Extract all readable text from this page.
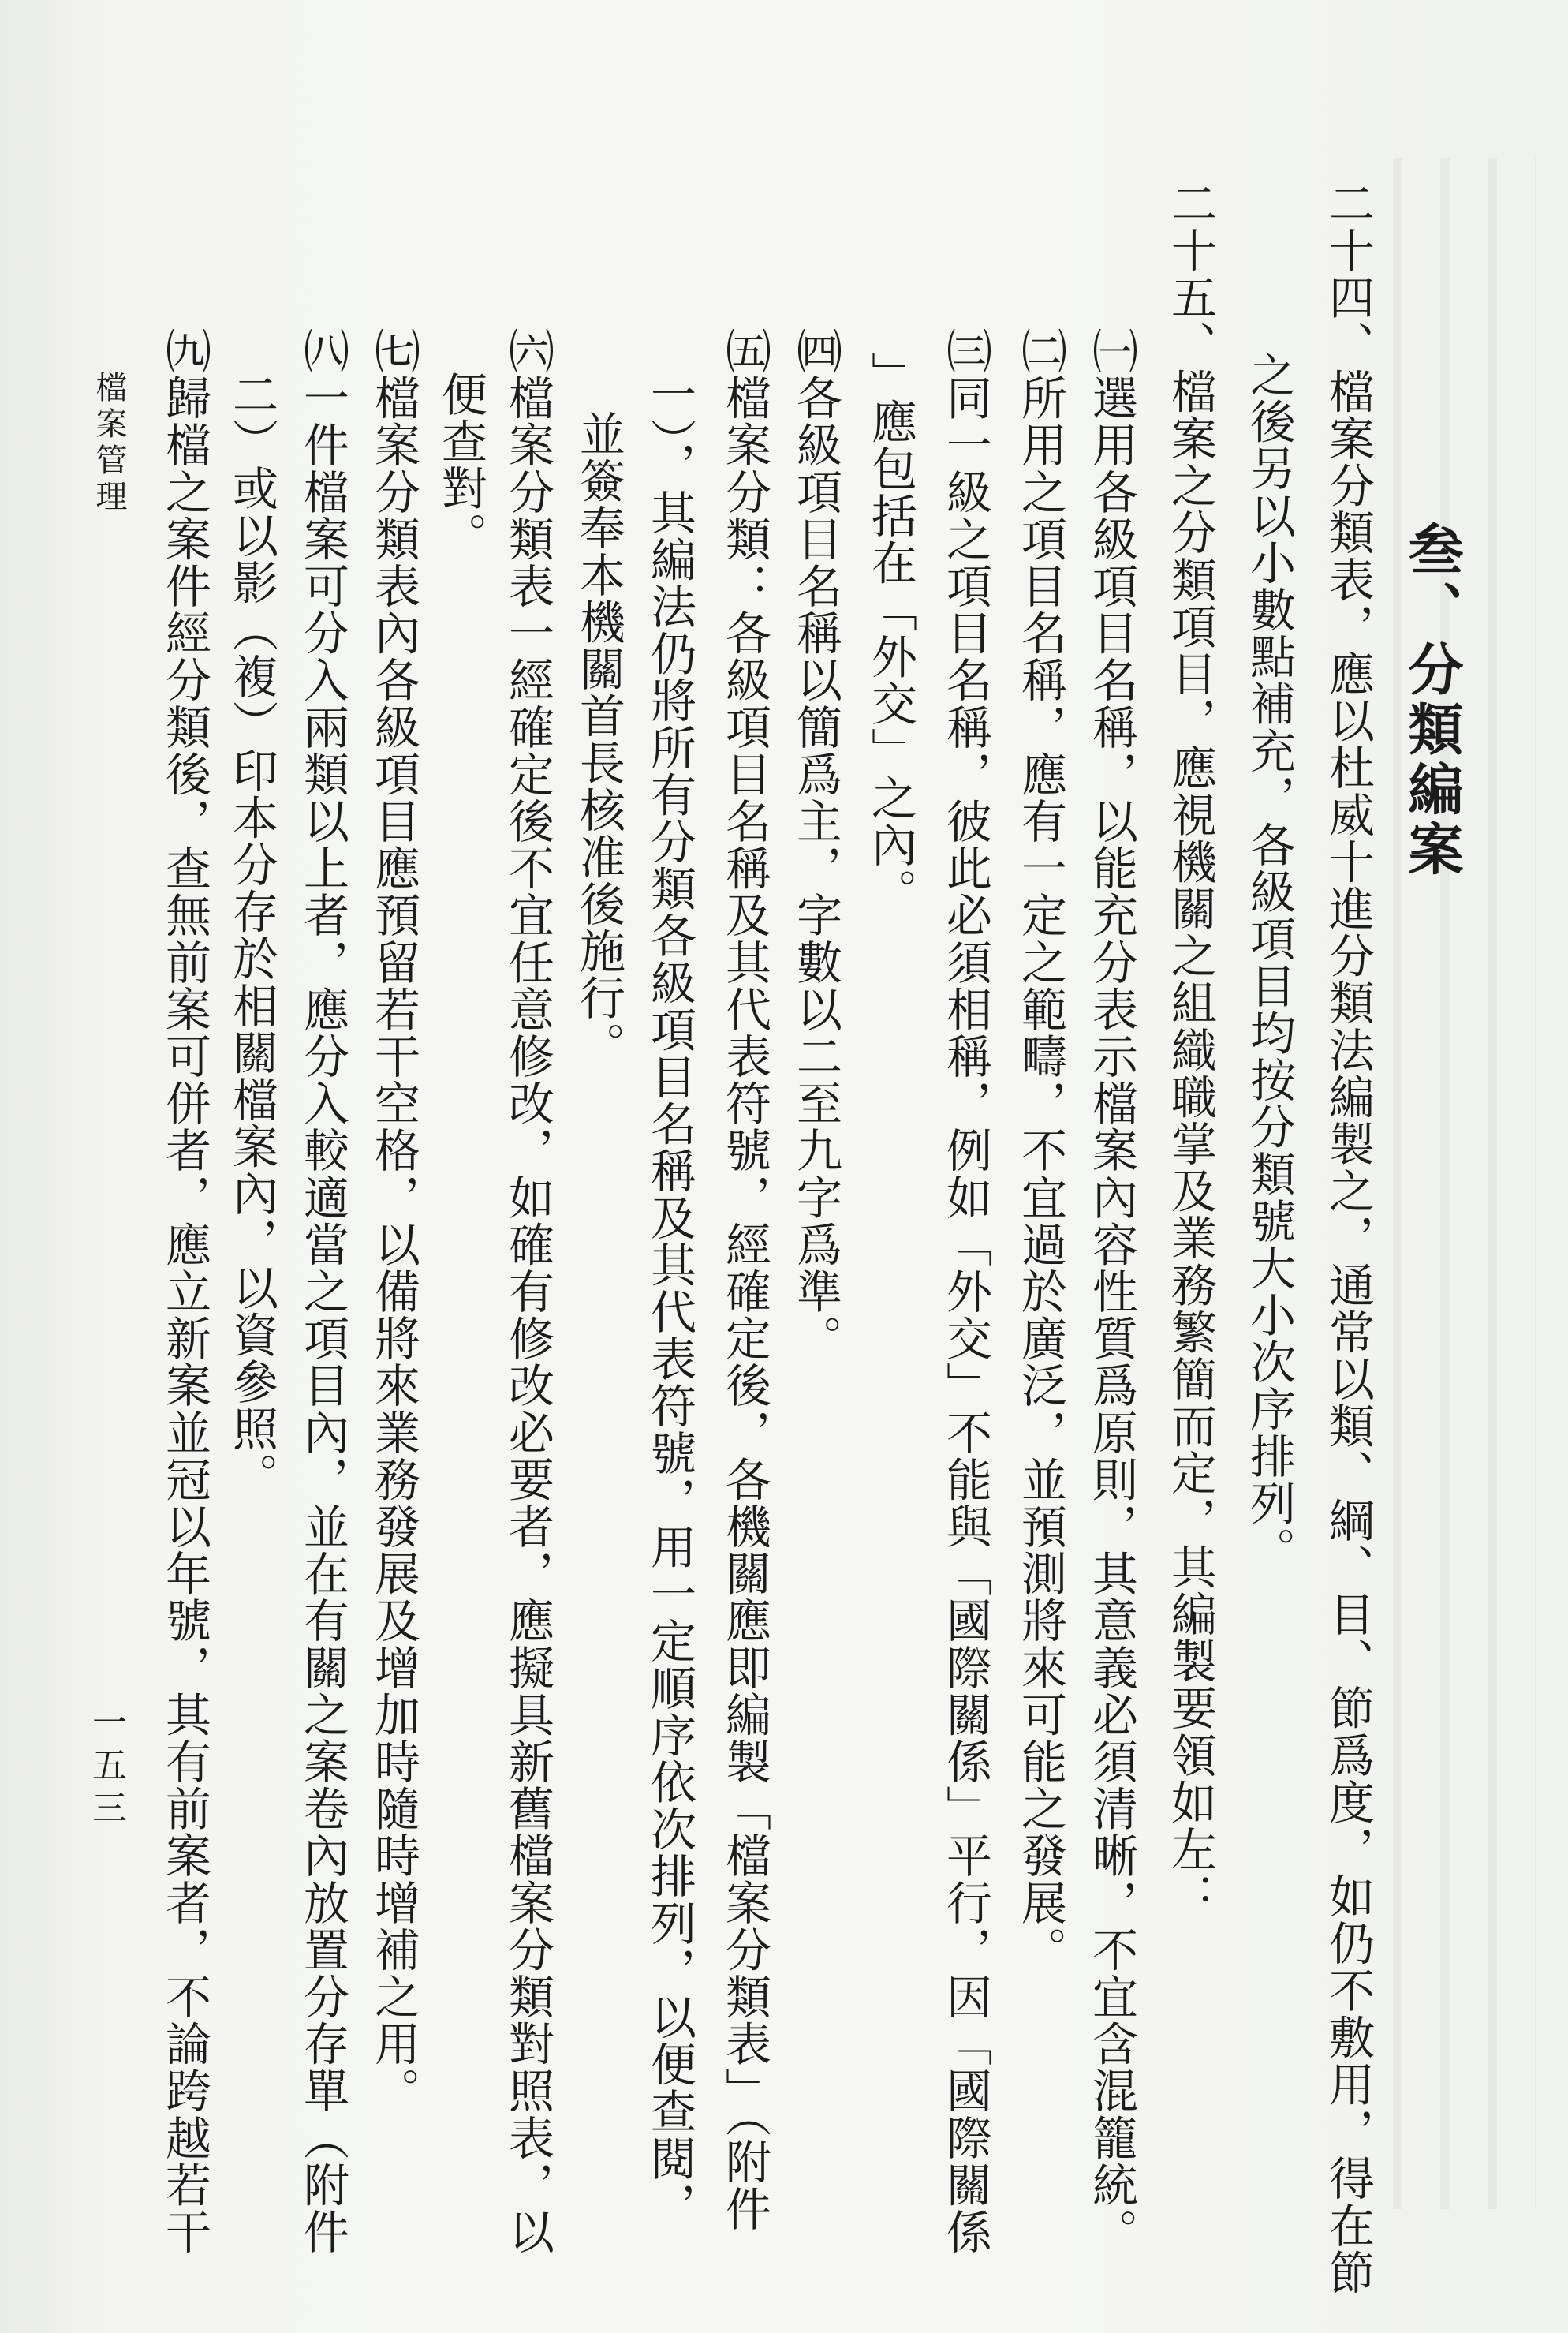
叁、分類編案
二十四、檔案分類表，應以杜威十進分類法編製之，通常以類、綱、目、節爲度，如仍不敷用，得在節
之後另以小數點補充，各級項目均按分類號大小次序排列。
二十五、檔案之分類項目，應視機關之組織職掌及業務繁簡而定，其編製要領如左：
㈠選用各級項目名稱，以能充分表示檔案內容性質爲原則，其意義必須清晰，不宜含混籠統。
㈡所用之項目名稱，應有一定之範疇，不宜過於廣泛，並預測將來可能之發展。
㈢同一級之項目名稱，彼此必須相稱，例如「外交」不能與「國際關係」平行，因「國際關係
」應包括在「外交」之內。
㈣各級項目名稱以簡爲主，字數以二至九字爲準。
㈤檔案分類：各級項目名稱及其代表符號，經確定後，各機關應即編製「檔案分類表」（附件
一），其編法仍將所有分類各級項目名稱及其代表符號，用一定順序依次排列，以便查閱，
並簽奉本機關首長核准後施行。
㈥檔案分類表一經確定後不宜任意修改，如確有修改必要者，應擬具新舊檔案分類對照表，以
便查對。
㈦檔案分類表內各級項目應預留若干空格，以備將來業務發展及增加時隨時增補之用。
㈧一件檔案可分入兩類以上者，應分入較適當之項目內，並在有關之案卷內放置分存單（附件
二）或以影（複）印本分存於相關檔案內，以資參照。
㈨歸檔之案件經分類後，查無前案可併者，應立新案並冠以年號，其有前案者，不論跨越若干
檔案管理
一五三
